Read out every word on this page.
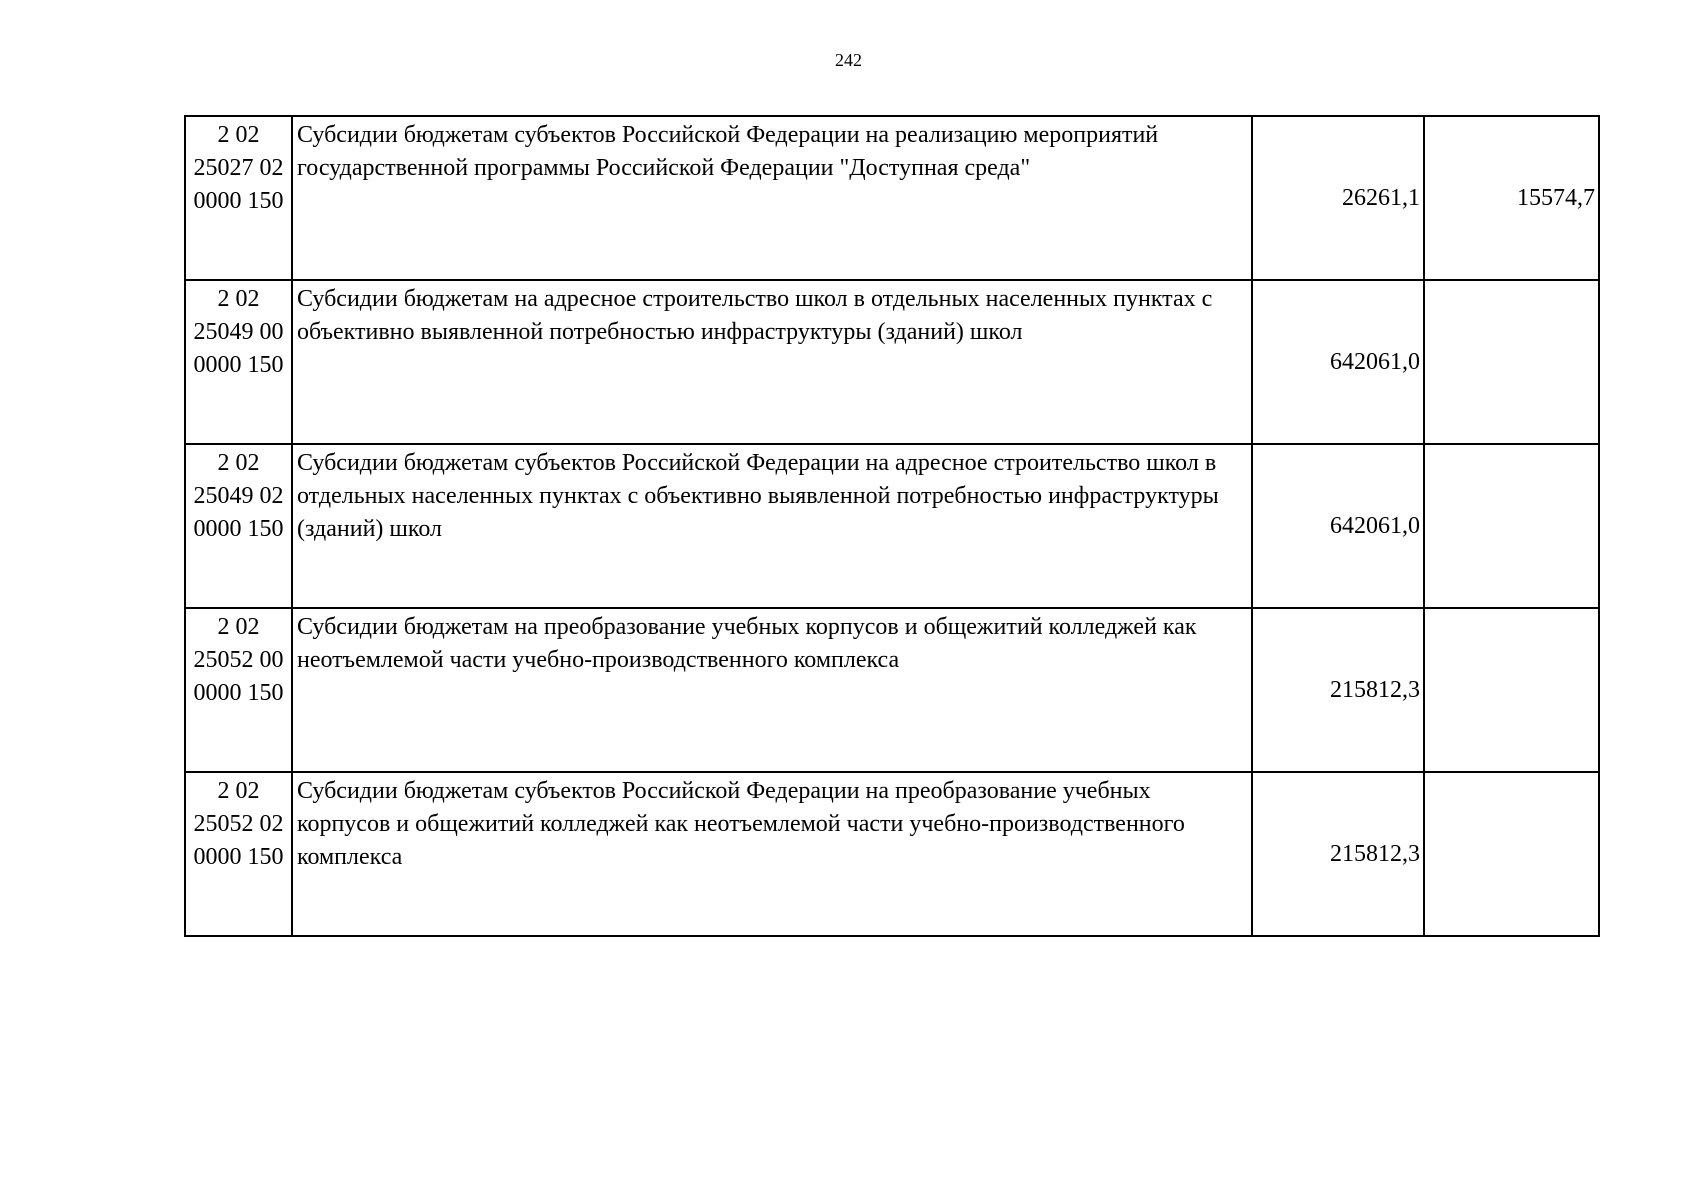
242
2 02
25027 02
0000 150	Субсидии бюджетам субъектов Российской Федерации на реализацию мероприятий государственной программы Российской Федерации "Доступная среда"	26261,1	15574,7

2 02
25049 00
0000 150	Субсидии бюджетам на адресное строительство школ в отдельных населенных пунктах с объективно выявленной потребностью инфраструктуры (зданий) школ	642061,0	

2 02
25049 02
0000 150	Субсидии бюджетам субъектов Российской Федерации на адресное строительство школ в отдельных населенных пунктах с объективно выявленной потребностью инфраструктуры (зданий) школ	642061,0	

2 02
25052 00
0000 150	Субсидии бюджетам на преобразование учебных корпусов и общежитий колледжей как неотъемлемой части учебно-производственного комплекса	215812,3	

2 02
25052 02
0000 150	Субсидии бюджетам субъектов Российской Федерации на преобразование учебных корпусов и общежитий колледжей как неотъемлемой части учебно-производственного комплекса	215812,3	
